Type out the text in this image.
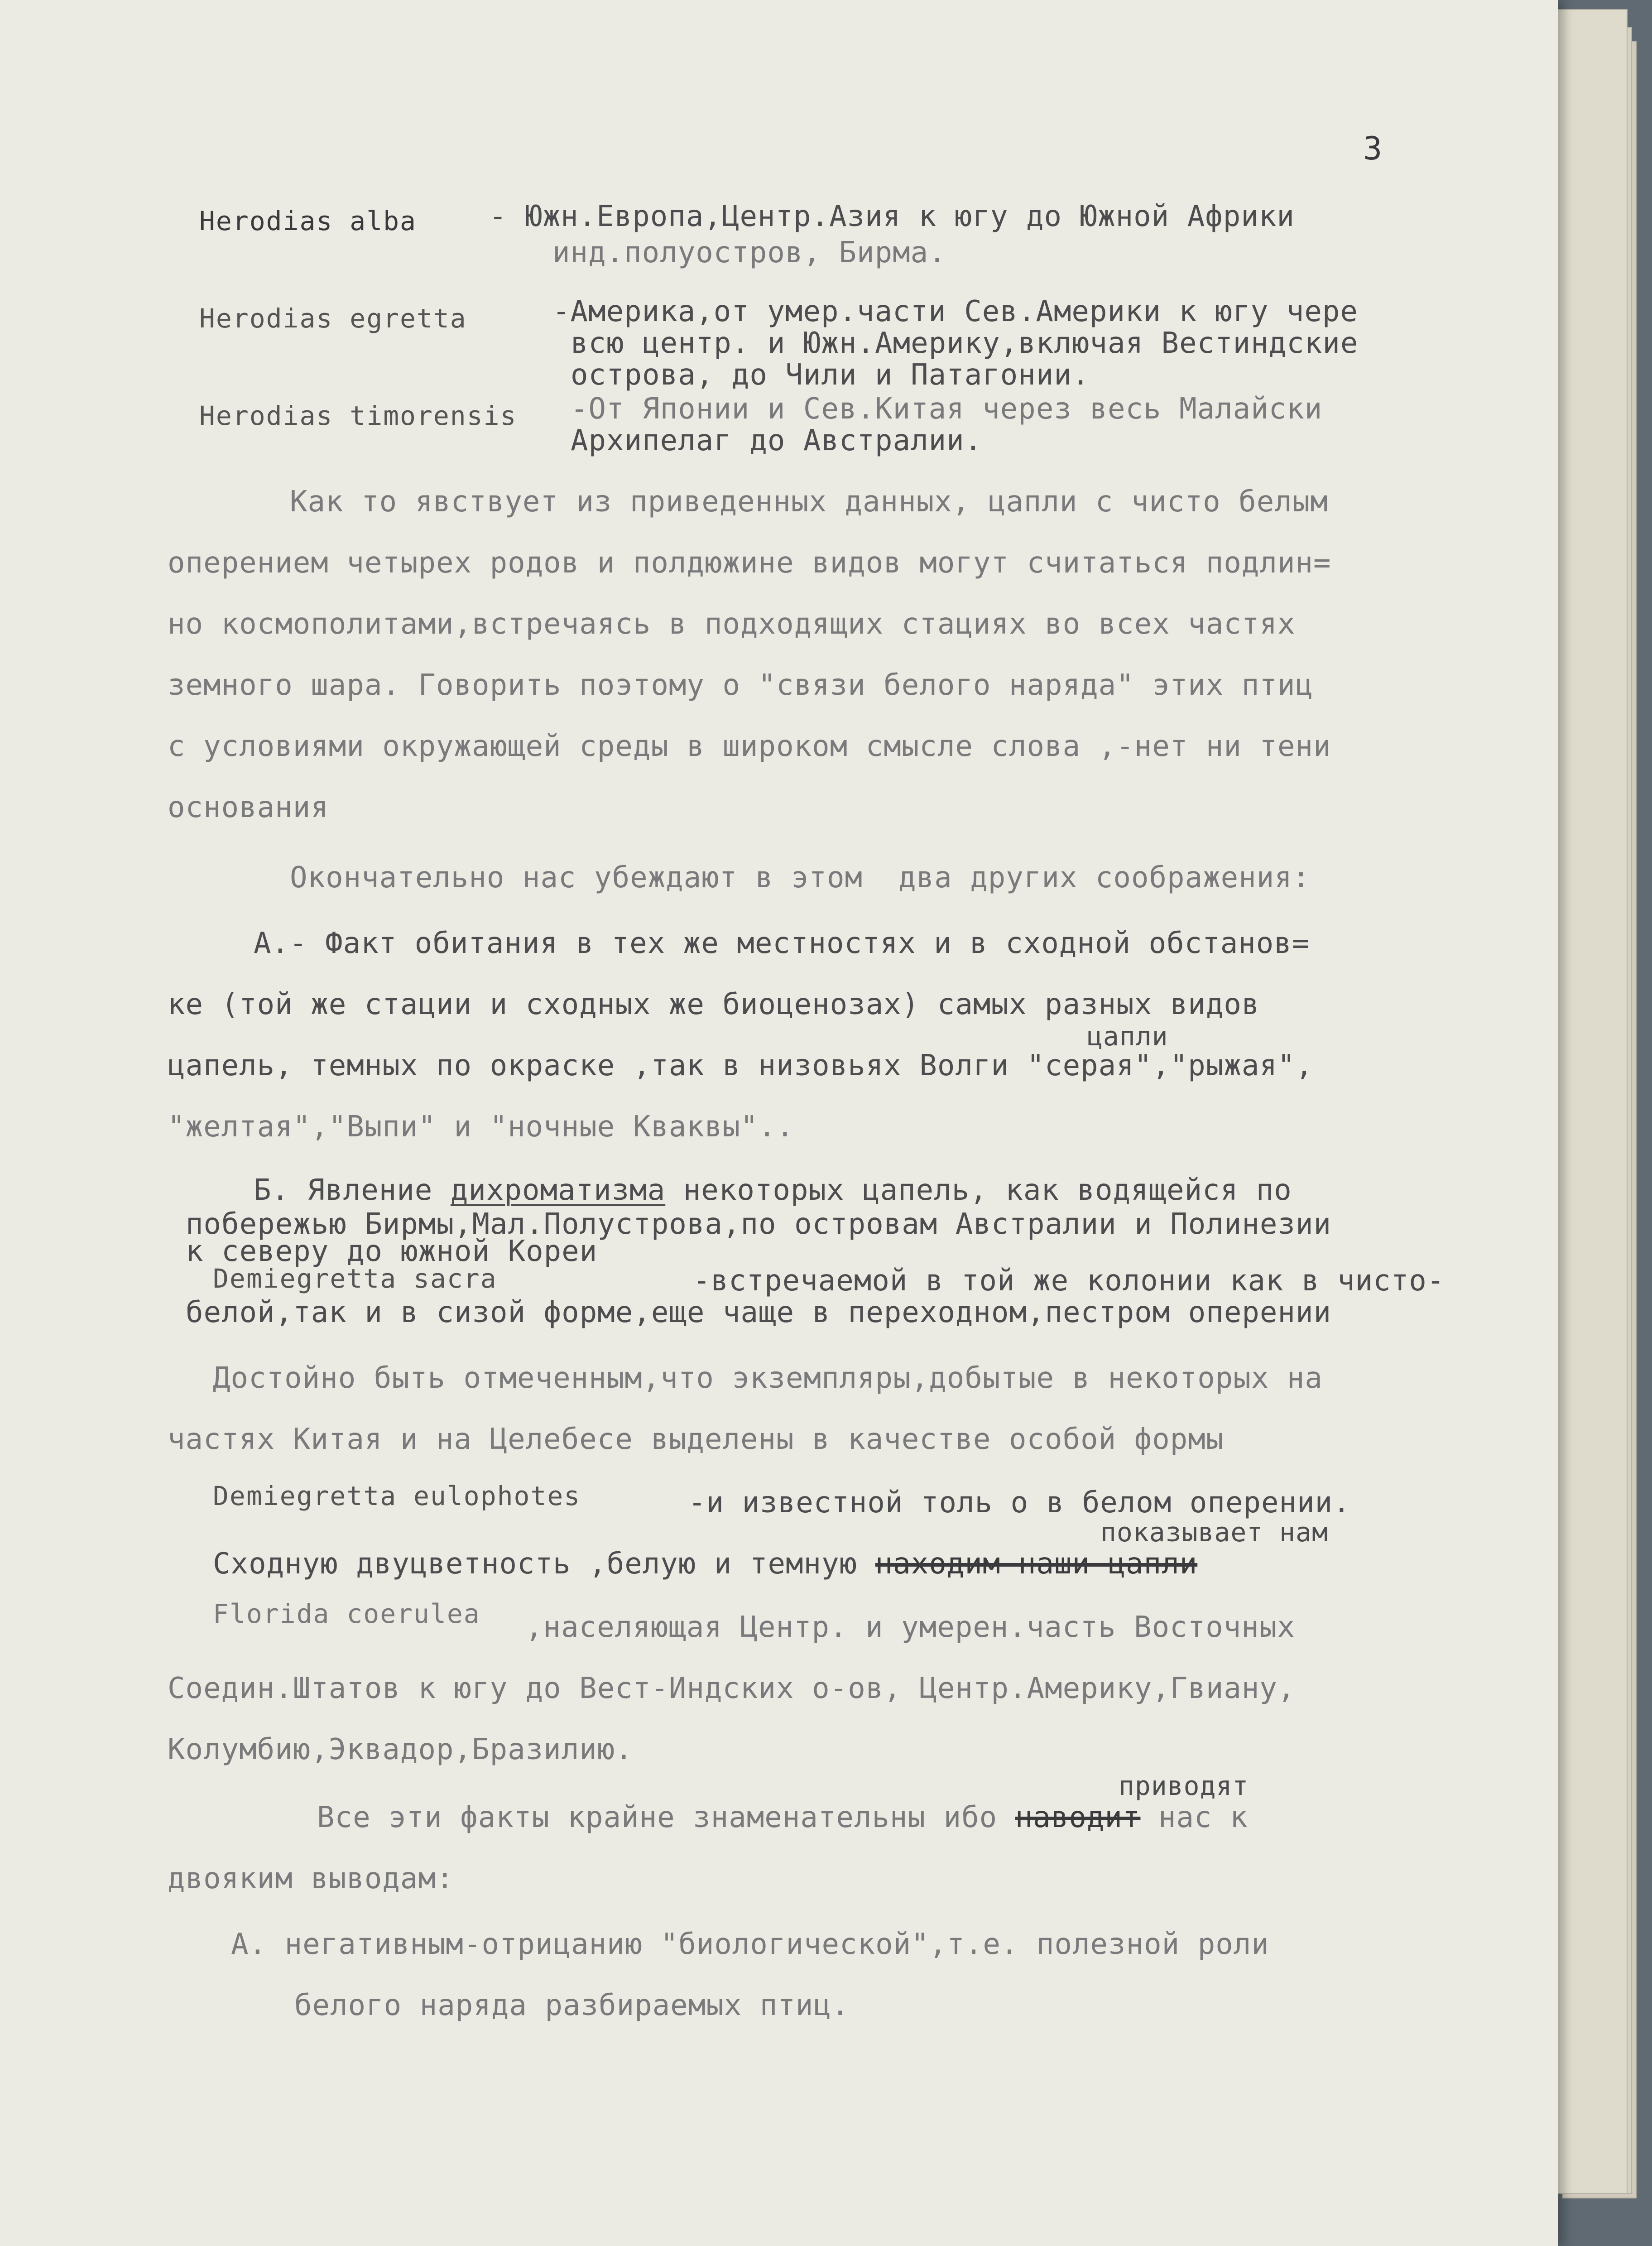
3
Herodias alba	- Южн.Европа,Центр.Азия к югу до Южной Африки
инд.полуостров, Бирма.
Herodias egretta	-Америка,от умер.части Сев.Америки к югу чере
всю центр. и Южн.Америку,включая Вестиндские
острова, до Чили и Патагонии.
Herodias timorensis -От Японии и Сев.Китая через весь Малайски
Архипелаг до Австралии.
Как то явствует из приведенных данных, цапли с чисто белым
оперением четырех родов и полдюжине видов могут считаться подлин=
но космополитами,встречаясь в подходящих стациях во всех частях
земного шара. Говорить поэтому о "связи белого наряда" этих птиц
с условиями окружающей среды в широком смысле слова ,-нет ни тени
основания
Окончательно нас убеждают в этом  два других соображения:
А.- Факт обитания в тех же местностях и в сходной обстанов=
ке (той же стации и сходных же биоценозах) самых разных видов
цапли
цапель, темных по окраске ,так в низовьях Волги "серая","рыжая",
"желтая","Выпи" и "ночные Кваквы"..
Б. Явление дихроматизма некоторых цапель, как водящейся по
побережью Бирмы,Мал.Полустрова,по островам Австралии и Полинезии
к северу до южной Кореи
Demiegretta sacra	-встречаемой в той же колонии как в чисто-
белой,так и в сизой форме,еще чаще в переходном,пестром оперении
Достойно быть отмеченным,что экземпляры,добытые в некоторых на
частях Китая и на Целебесе выделены в качестве особой формы
Demiegretta eulophotes	-и известной толь о в белом оперении.
показывает нам
Сходную двуцветность ,белую и темную находим наши цапли
Florida coerulea ,населяющая Центр. и умерен.часть Восточных
Соедин.Штатов к югу до Вест-Индских о-ов, Центр.Америку,Гвиану,
Колумбию,Эквадор,Бразилию.
приводят
Все эти факты крайне знаменательны ибо наводит нас к
двояким выводам:
А. негативным-отрицанию "биологической",т.е. полезной роли
белого наряда разбираемых птиц.
